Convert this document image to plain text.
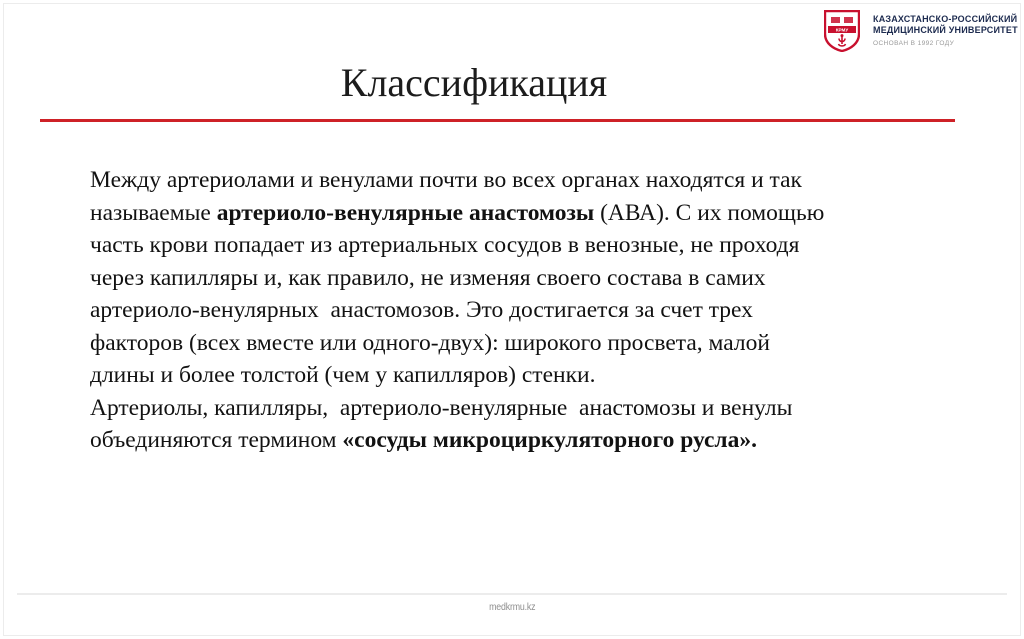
КРМУ
КАЗАХСТАНСКО-РОССИЙСКИЙ
МЕДИЦИНСКИЙ УНИВЕРСИТЕТ
ОСНОВАН В 1992 ГОДУ
Классификация
Между артериолами и венулами почти во всех органах находятся и так
называемые артериоло-венулярные анастомозы (АВА). С их помощью
часть крови попадает из артериальных сосудов в венозные, не проходя
через капилляры и, как правило, не изменяя своего состава в самих
артериоло-венулярных  анастомозов. Это достигается за счет трех
факторов (всех вместе или одного-двух): широкого просвета, малой
длины и более толстой (чем у капилляров) стенки.
Артериолы, капилляры,  артериоло-венулярные  анастомозы и венулы
объединяются термином «сосуды микроциркуляторного русла».
medkrmu.kz
